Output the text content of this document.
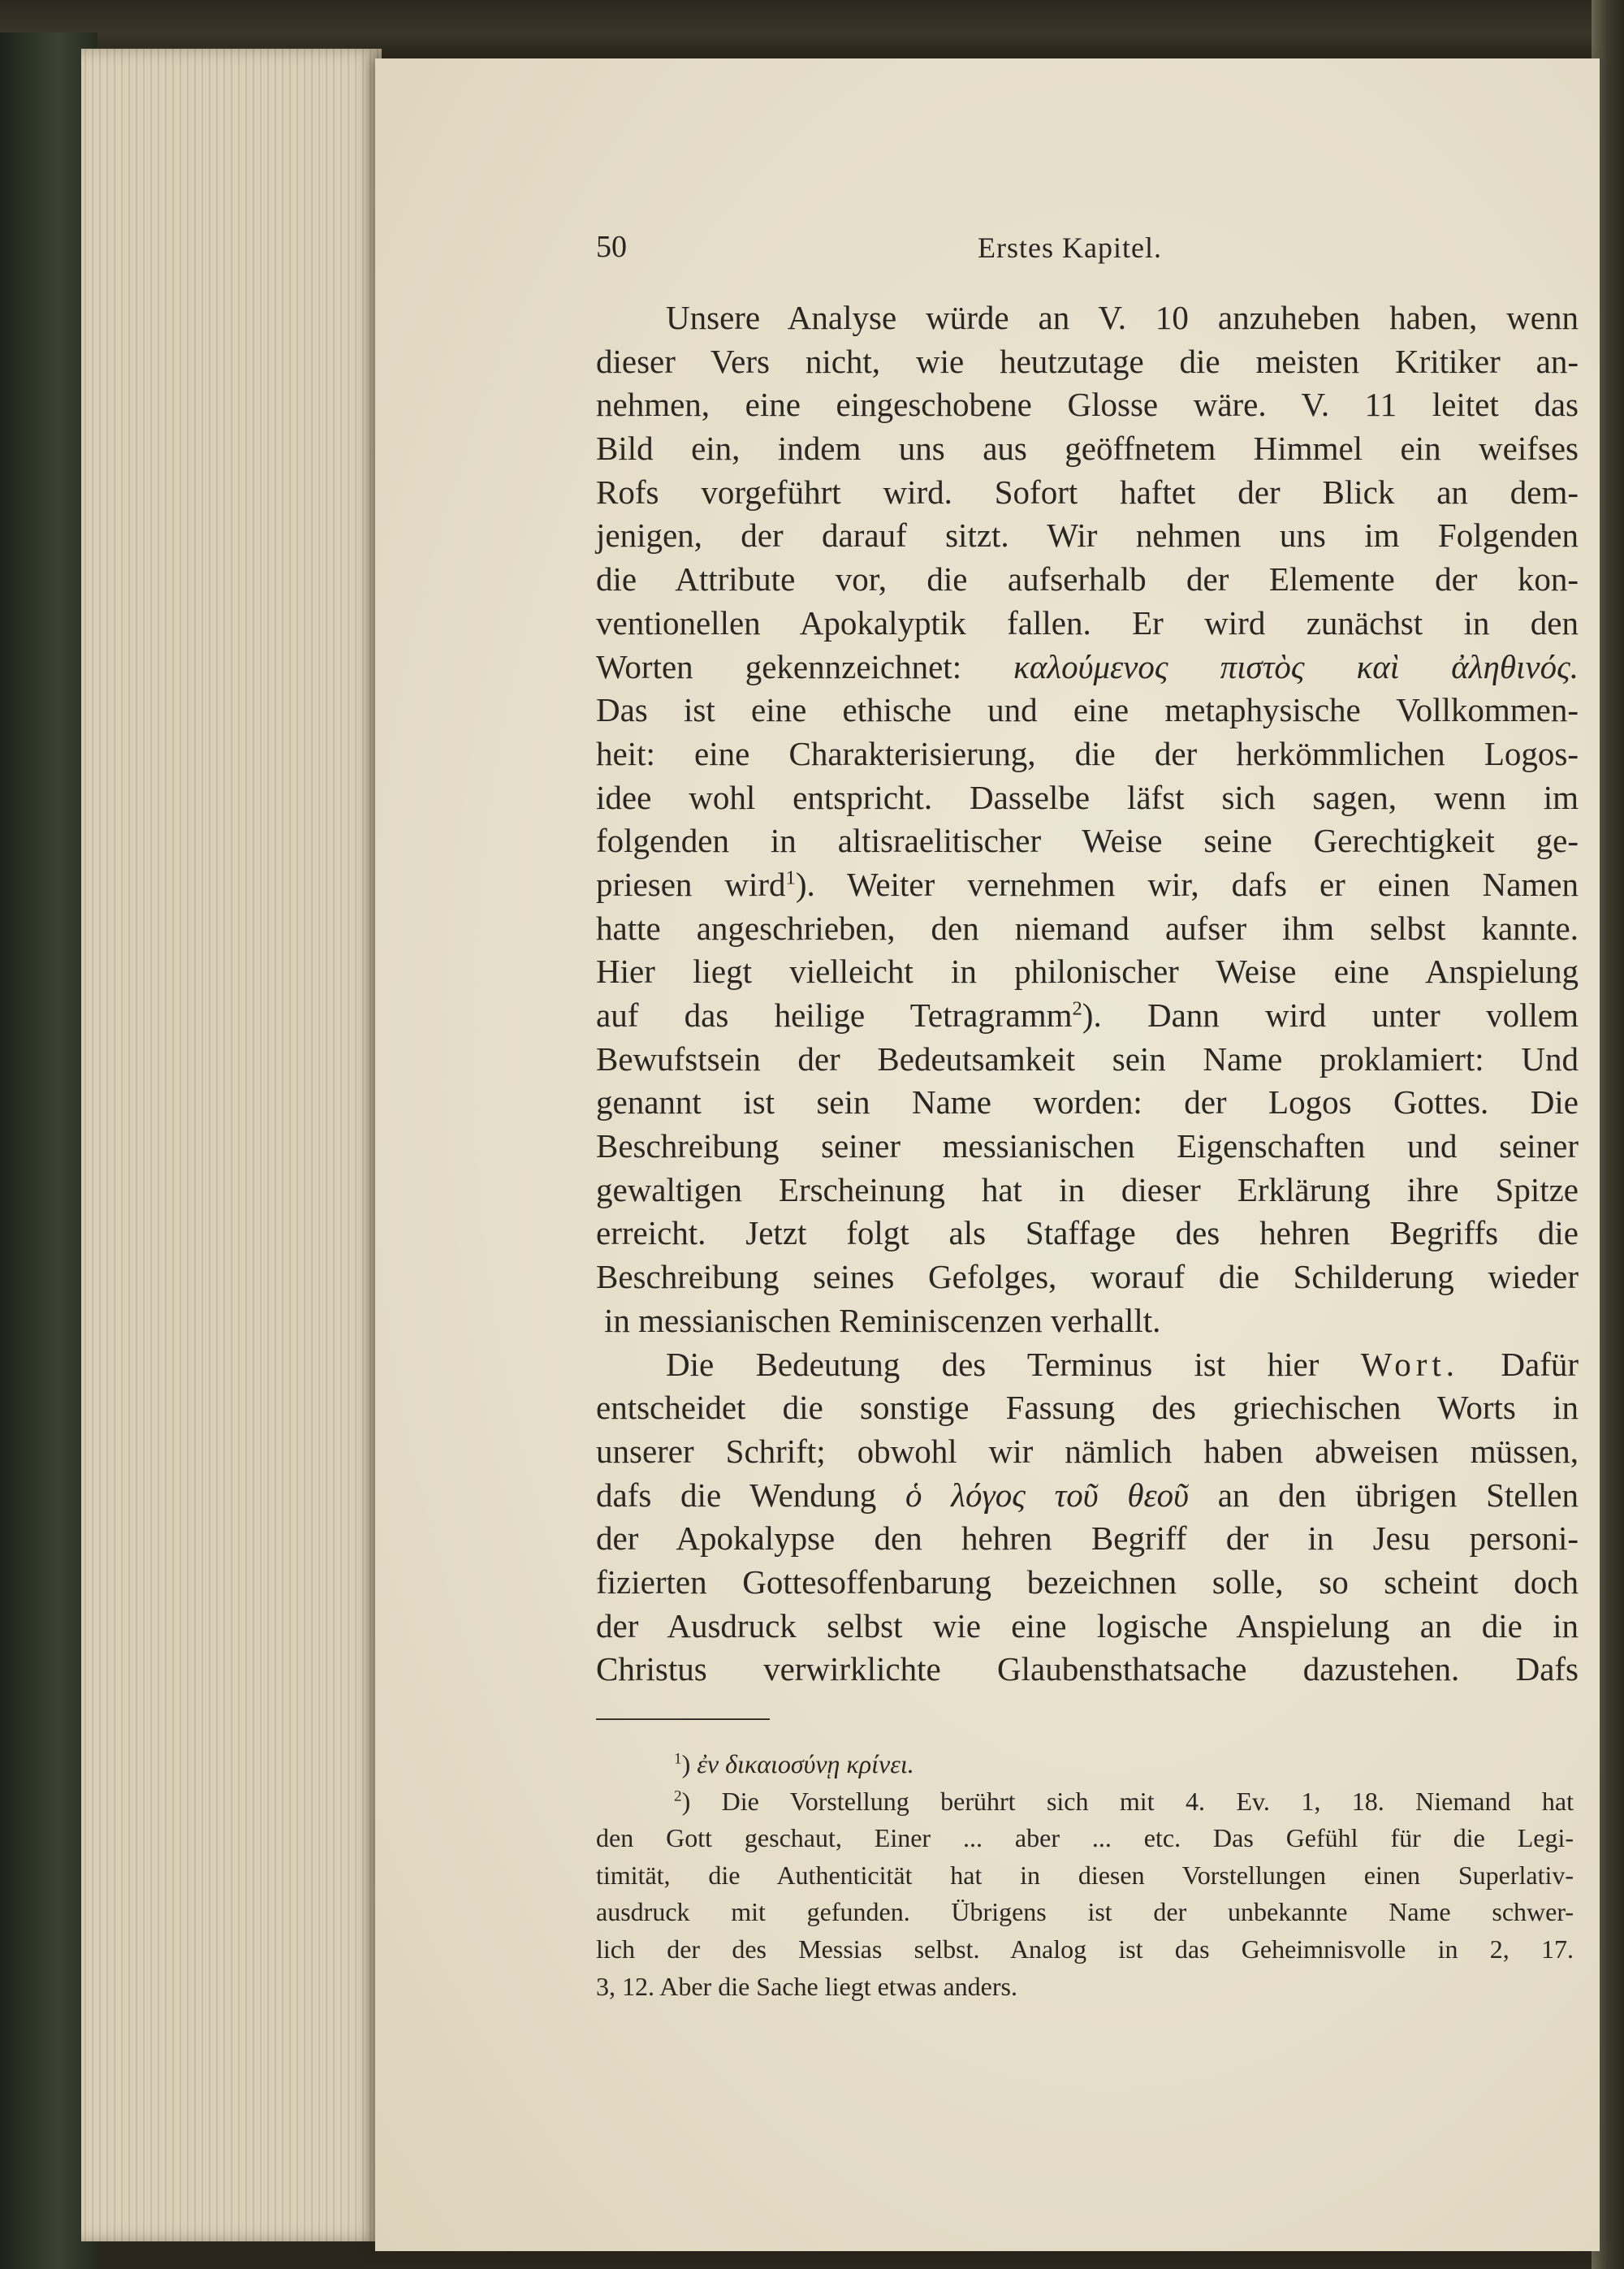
50	Erstes Kapitel.
Unsere Analyse würde an V. 10 anzuheben haben, wenn
dieser Vers nicht, wie heutzutage die meisten Kritiker an-
nehmen, eine eingeschobene Glosse wäre. V. 11 leitet das
Bild ein, indem uns aus geöffnetem Himmel ein weifses
Rofs vorgeführt wird. Sofort haftet der Blick an dem-
jenigen, der darauf sitzt. Wir nehmen uns im Folgenden
die Attribute vor, die aufserhalb der Elemente der kon-
ventionellen Apokalyptik fallen. Er wird zunächst in den
Worten gekennzeichnet: καλούμενος πιστὸς καὶ ἀληθινός.
Das ist eine ethische und eine metaphysische Vollkommen-
heit: eine Charakterisierung, die der herkömmlichen Logos-
idee wohl entspricht. Dasselbe läfst sich sagen, wenn im
folgenden in altisraelitischer Weise seine Gerechtigkeit ge-
priesen wird$^1$). Weiter vernehmen wir, dafs er einen Namen
hatte angeschrieben, den niemand aufser ihm selbst kannte.
Hier liegt vielleicht in philonischer Weise eine Anspielung
auf das heilige Tetragramm$^2$). Dann wird unter vollem
Bewufstsein der Bedeutsamkeit sein Name proklamiert: Und
genannt ist sein Name worden: der Logos Gottes. Die
Beschreibung seiner messianischen Eigenschaften und seiner
gewaltigen Erscheinung hat in dieser Erklärung ihre Spitze
erreicht. Jetzt folgt als Staffage des hehren Begriffs die
Beschreibung seines Gefolges, worauf die Schilderung wieder
in messianischen Reminiscenzen verhallt.
Die Bedeutung des Terminus ist hier Wort. Dafür
entscheidet die sonstige Fassung des griechischen Worts in
unserer Schrift; obwohl wir nämlich haben abweisen müssen,
dafs die Wendung ὁ λόγος τοῦ θεοῦ an den übrigen Stellen
der Apokalypse den hehren Begriff der in Jesu personi-
fizierten Gottesoffenbarung bezeichnen solle, so scheint doch
der Ausdruck selbst wie eine logische Anspielung an die in
Christus verwirklichte Glaubensthatsache dazustehen. Dafs
$^1$) ἐν δικαιοσύνῃ κρίνει.
$^2$) Die Vorstellung berührt sich mit 4. Ev. 1, 18. Niemand hat
den Gott geschaut, Einer ... aber ... etc. Das Gefühl für die Legi-
timität, die Authenticität hat in diesen Vorstellungen einen Superlativ-
ausdruck mit gefunden. Übrigens ist der unbekannte Name schwer-
lich der des Messias selbst. Analog ist das Geheimnisvolle in 2, 17.
3, 12. Aber die Sache liegt etwas anders.
